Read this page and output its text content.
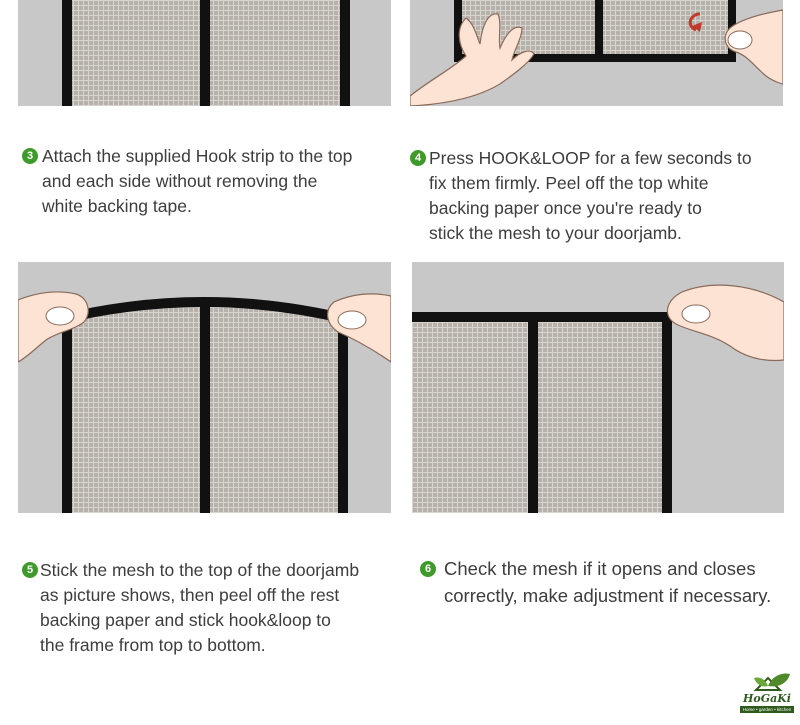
3 Attach the supplied Hook strip to the top
and each side without removing the
white backing tape.
4 Press HOOK&LOOP for a few seconds to
fix them firmly. Peel off the top white
backing paper once you're ready to
stick the mesh to your doorjamb.
5 Stick the mesh to the top of the doorjamb
as picture shows, then peel off the rest
backing paper and stick hook&loop to
the frame from top to bottom.
6 Check the mesh if it opens and closes
correctly, make adjustment if necessary.
HoGaKi
Home • garden • kitchen
